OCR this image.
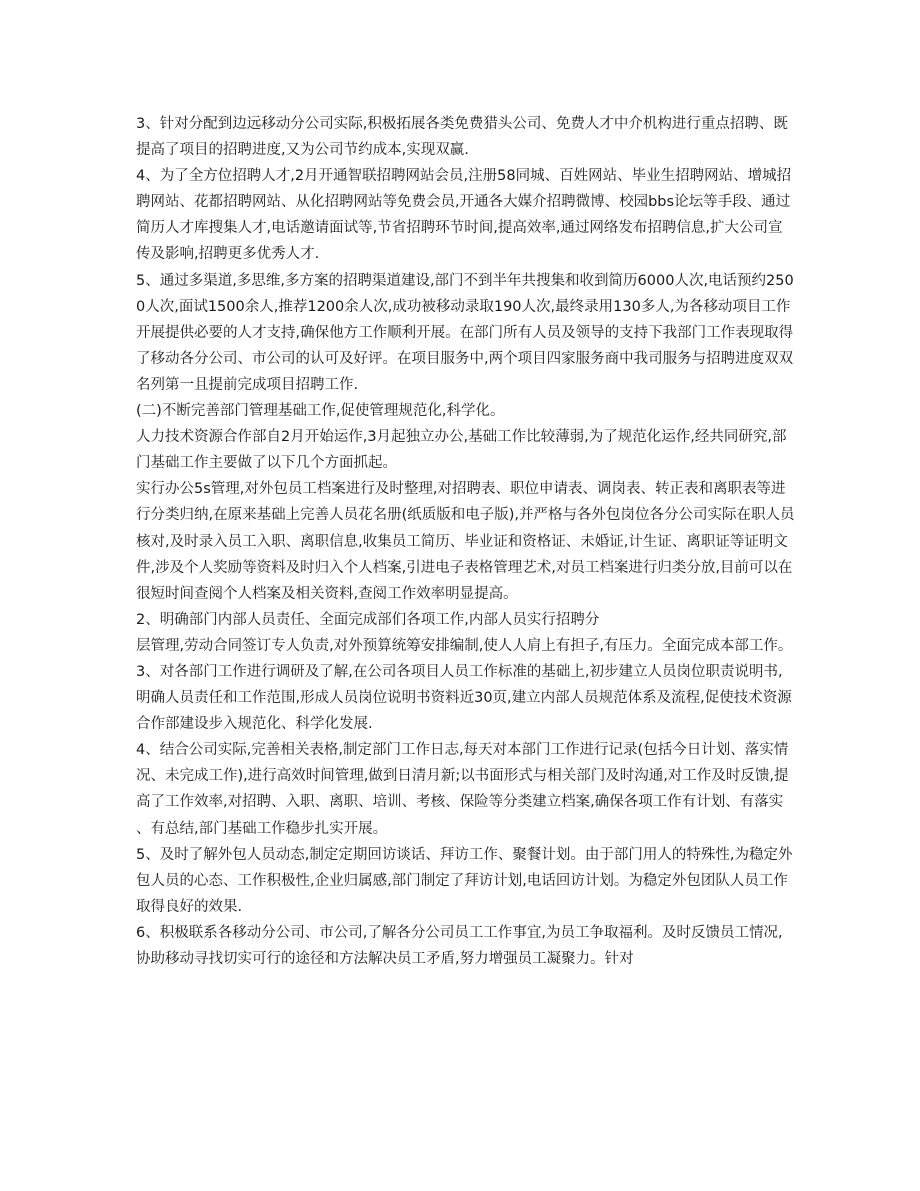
3、针对分配到边远移动分公司实际,积极拓展各类免费猎头公司、免费人才中介机构进行重点招聘、既提高了项目的招聘进度,又为公司节约成本,实现双赢.

4、为了全方位招聘人才,2月开通智联招聘网站会员,注册58同城、百姓网站、毕业生招聘网站、增城招聘网站、花都招聘网站、从化招聘网站等免费会员,开通各大媒介招聘微博、校园bbs论坛等手段、通过简历人才库搜集人才,电话邀请面试等,节省招聘环节时间,提高效率,通过网络发布招聘信息,扩大公司宣传及影响,招聘更多优秀人才.

5、通过多渠道,多思维,多方案的招聘渠道建设,部门不到半年共搜集和收到简历6000人次,电话预约2500人次,面试1500余人,推荐1200余人次,成功被移动录取190人次,最终录用130多人,为各移动项目工作开展提供必要的人才支持,确保他方工作顺利开展。在部门所有人员及领导的支持下我部门工作表现取得了移动各分公司、市公司的认可及好评。在项目服务中,两个项目四家服务商中我司服务与招聘进度双双名列第一且提前完成项目招聘工作.

(二)不断完善部门管理基础工作,促使管理规范化,科学化。

人力技术资源合作部自2月开始运作,3月起独立办公,基础工作比较薄弱,为了规范化运作,经共同研究,部门基础工作主要做了以下几个方面抓起。

实行办公5s管理,对外包员工档案进行及时整理,对招聘表、职位申请表、调岗表、转正表和离职表等进行分类归纳,在原来基础上完善人员花名册(纸质版和电子版),并严格与各外包岗位各分公司实际在职人员核对,及时录入员工入职、离职信息,收集员工简历、毕业证和资格证、未婚证,计生证、离职证等证明文件,涉及个人奖励等资料及时归入个人档案,引进电子表格管理艺术,对员工档案进行归类分放,目前可以在很短时间查阅个人档案及相关资料,查阅工作效率明显提高。

2、明确部门内部人员责任、全面完成部们各项工作,内部人员实行招聘分

层管理,劳动合同签订专人负责,对外预算统筹安排编制,使人人肩上有担子,有压力。全面完成本部工作。

3、对各部门工作进行调研及了解,在公司各项目人员工作标准的基础上,初步建立人员岗位职责说明书,明确人员责任和工作范围,形成人员岗位说明书资料近30页,建立内部人员规范体系及流程,促使技术资源合作部建设步入规范化、科学化发展.

4、结合公司实际,完善相关表格,制定部门工作日志,每天对本部门工作进行记录(包括今日计划、落实情况、未完成工作),进行高效时间管理,做到日清月新;以书面形式与相关部门及时沟通,对工作及时反馈,提高了工作效率,对招聘、入职、离职、培训、考核、保险等分类建立档案,确保各项工作有计划、有落实、有总结,部门基础工作稳步扎实开展。

5、及时了解外包人员动态,制定定期回访谈话、拜访工作、聚餐计划。由于部门用人的特殊性,为稳定外包人员的心态、工作积极性,企业归属感,部门制定了拜访计划,电话回访计划。为稳定外包团队人员工作取得良好的效果.

6、积极联系各移动分公司、市公司,了解各分公司员工工作事宜,为员工争取福利。及时反馈员工情况,协助移动寻找切实可行的途径和方法解决员工矛盾,努力增强员工凝聚力。针对
